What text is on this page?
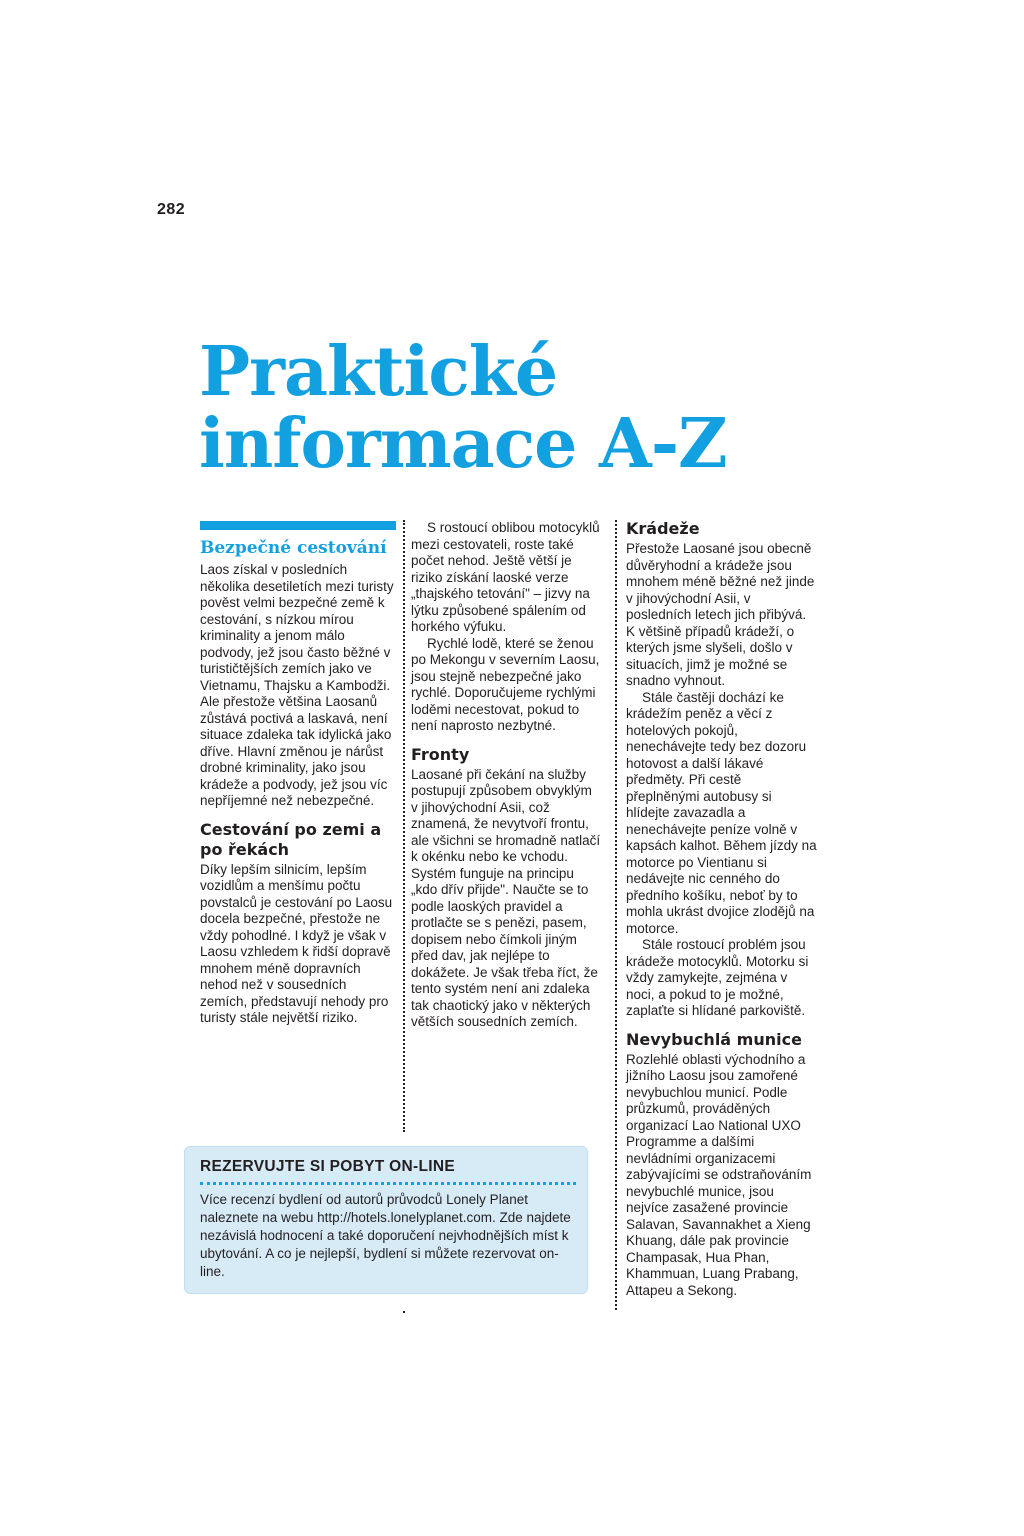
282
Praktické
informace A-Z
Bezpečné cestování

Laos získal v posledních několika desetiletích mezi turisty pověst velmi bezpečné země k cestování, s nízkou mírou kriminality a jenom málo podvody, jež jsou často běžné v turističtějších zemích jako ve Vietnamu, Thajsku a Kambodži. Ale přestože většina Laosanů zůstává poctivá a laskavá, není situace zdaleka tak idylická jako dříve. Hlavní změnou je nárůst drobné kriminality, jako jsou krádeže a podvody, jež jsou víc nepříjemné než nebezpečné.

Cestování po zemi a po řekách

Díky lepším silnicím, lepším vozidlům a menšímu počtu povstalců je cestování po Laosu docela bezpečné, přestože ne vždy pohodlné. I když je však v Laosu vzhledem k řidší dopravě mnohem méně dopravních nehod než v sousedních zemích, představují nehody pro turisty stále největší riziko.

S rostoucí oblibou motocyklů mezi cestovateli, roste také počet nehod. Ještě větší je riziko získání laoské verze „thajského tetování" – jizvy na lýtku způsobené spálením od horkého výfuku.

Rychlé lodě, které se ženou po Mekongu v severním Laosu, jsou stejně nebezpečné jako rychlé. Doporučujeme rychlými loděmi necestovat, pokud to není naprosto nezbytné.

Fronty

Laosané při čekání na služby postupují způsobem obvyklým v jihovýchodní Asii, což znamená, že nevytvoří frontu, ale všichni se hromadně natlačí k okénku nebo ke vchodu. Systém funguje na principu „kdo dřív přijde". Naučte se to podle laoských pravidel a protlačte se s penězi, pasem, dopisem nebo čímkoli jiným před dav, jak nejlépe to dokážete. Je však třeba říct, že tento systém není ani zdaleka tak chaotický jako v některých větších sousedních zemích.

Krádeže

Přestože Laosané jsou obecně důvěryhodní a krádeže jsou mnohem méně běžné než jinde v jihovýchodní Asii, v posledních letech jich přibývá. K většině případů krádeží, o kterých jsme slyšeli, došlo v situacích, jimž je možné se snadno vyhnout.

Stále častěji dochází ke krádežím peněz a věcí z hotelových pokojů, nenechávejte tedy bez dozoru hotovost a další lákavé předměty. Při cestě přeplněnými autobusy si hlídejte zavazadla a nenechávejte peníze volně v kapsách kalhot. Během jízdy na motorce po Vientianu si nedávejte nic cenného do předního košíku, neboť by to mohla ukrást dvojice zlodějů na motorce.

Stále rostoucí problém jsou krádeže motocyklů. Motorku si vždy zamykejte, zejména v noci, a pokud to je možné, zaplaťte si hlídané parkoviště.

Nevybuchlá munice

Rozlehlé oblasti východního a jižního Laosu jsou zamořené nevybuchlou municí. Podle průzkumů, prováděných organizací Lao National UXO Programme a dalšími nevládními organizacemi zabývajícími se odstraňováním nevybuchlé munice, jsou nejvíce zasažené provincie Salavan, Savannakhet a Xieng Khuang, dále pak provincie Champasak, Hua Phan, Khammuan, Luang Prabang, Attapeu a Sekong.

REZERVUJTE SI POBYT ON-LINE

Více recenzí bydlení od autorů průvodců Lonely Planet naleznete na webu http://hotels.lonelyplanet.com. Zde najdete nezávislá hodnocení a také doporučení nejvhodnějších míst k ubytování. A co je nejlepší, bydlení si můžete rezervovat on-line.
